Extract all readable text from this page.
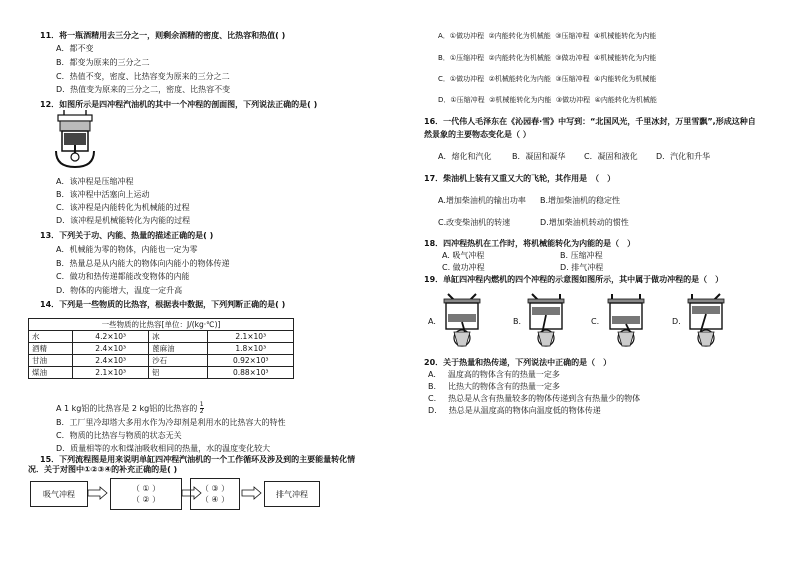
11．将一瓶酒精用去三分之一，则剩余酒精的密度、比热容和热值( )
A．都不变
B．都变为原来的三分之二
C．热值不变，密度、比热容变为原来的三分之二
D．热值变为原来的三分之二，密度、比热容不变
12．如图所示是四冲程汽油机的其中一个冲程的剖面图，下列说法正确的是( )
A．该冲程是压缩冲程
B．该冲程中活塞向上运动
C．该冲程是内能转化为机械能的过程
D．该冲程是机械能转化为内能的过程
13．下列关于功、内能、热量的描述正确的是( )
A．机械能为零的物体，内能也一定为零
B．热量总是从内能大的物体向内能小的物体传递
C．做功和热传递都能改变物体的内能
D．物体的内能增大，温度一定升高
14．下列是一些物质的比热容，根据表中数据，下列判断正确的是( )
一些物质的比热容[单位：J/(kg·℃)]			
水	4.2×10³	冰	2.1×10³
酒精	2.4×10³	蓖麻油	1.8×10³
甘油	2.4×10³	沙石	0.92×10³
煤油	2.1×10³	铝	0.88×10³
A 1 kg铝的比热容是 2 kg铝的比热容的 $\frac{1}{2}$
B．工厂里冷却塔大多用水作为冷却剂是利用水的比热容大的特性
C．物质的比热容与物质的状态无关
D．质量相等的水和煤油吸收相同的热量，水的温度变化较大
15．下列流程图是用来说明单缸四冲程汽油机的一个工作循环及涉及到的主要能量转化情
况．关于对图中①②③④的补充正确的是( )
吸气冲程
（ ① ）
（ ② ）
（ ③ ）
（ ④ ）
排气冲程
A．①做功冲程 ②内能转化为机械能 ③压缩冲程 ④机械能转化为内能
B．①压缩冲程 ②内能转化为机械能 ③做功冲程 ④机械能转化为内能
C．①做功冲程 ②机械能转化为内能 ③压缩冲程 ④内能转化为机械能
D．①压缩冲程 ②机械能转化为内能 ③做功冲程 ④内能转化为机械能
16．一代伟人毛泽东在《沁园春·雪》中写到：“北国风光，千里冰封，万里雪飘”,形成这种自
然景象的主要物态变化是（ ）
A．熔化和汽化	B．凝固和凝华 C．凝固和液化 D．汽化和升华
17．柴油机上装有又重又大的飞轮，其作用是　（　）
A.增加柴油机的输出功率 B.增加柴油机的稳定性
C.改变柴油机的转速	D.增加柴油机转动的惯性
18．四冲程热机在工作时，将机械能转化为内能的是（　）
A. 吸气冲程	B. 压缩冲程
C. 做功冲程	D. 排气冲程
19．单缸四冲程内燃机的四个冲程的示意图如图所示，其中属于做功冲程的是（　）
A.	B.	C.	D.
20．关于热量和热传递，下列说法中正确的是（　）
A. 温度高的物体含有的热量一定多
B. 比热大的物体含有的热量一定多
C. 热总是从含有热量较多的物体传递到含有热量少的物体
D. 热总是从温度高的物体向温度低的物体传递
